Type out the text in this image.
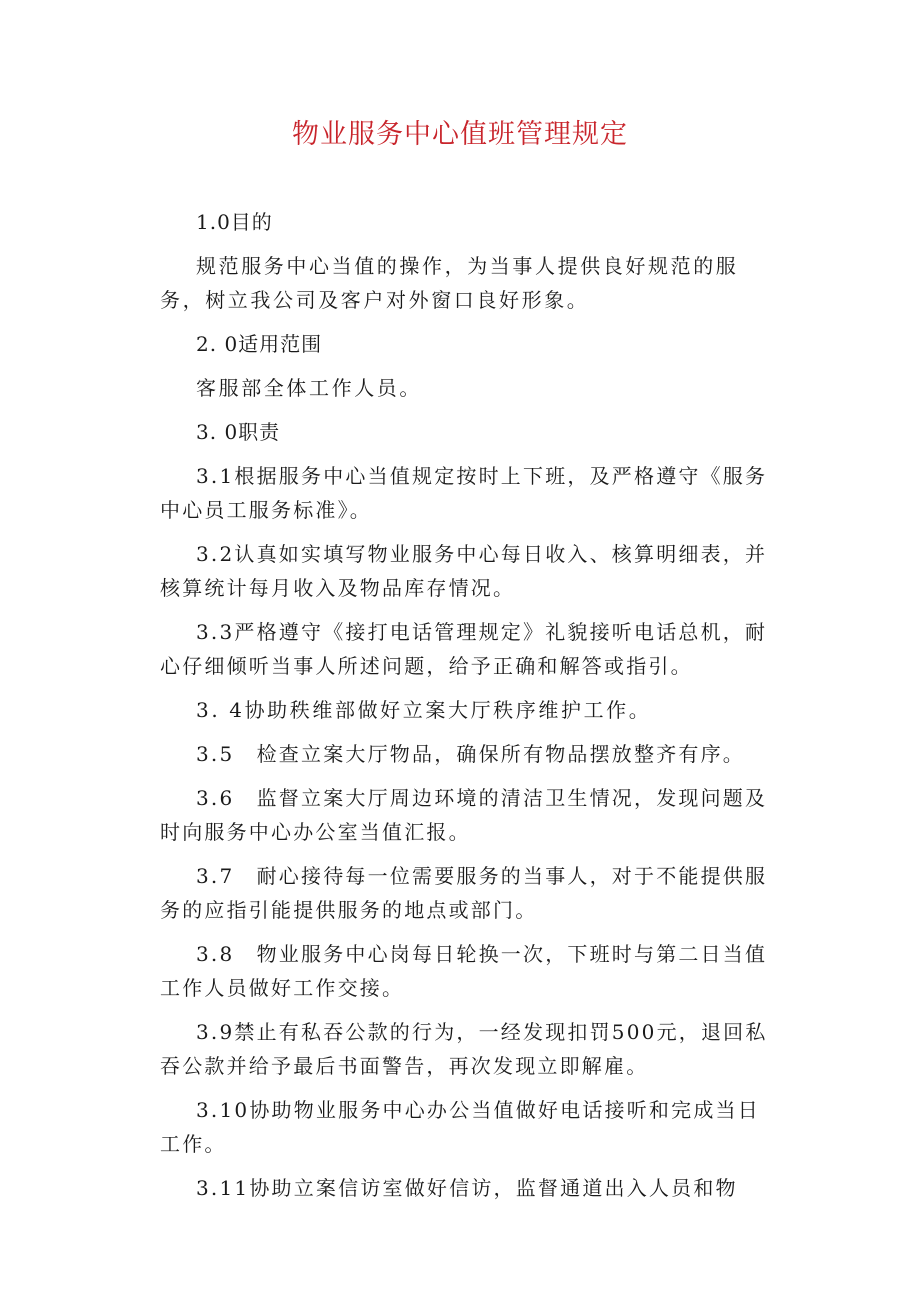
物业服务中心值班管理规定

1.0目的

规范服务中心当值的操作，为当事人提供良好规范的服务，树立我公司及客户对外窗口良好形象。

2. 0适用范围

客服部全体工作人员。

3. 0职责

3.1根据服务中心当值规定按时上下班，及严格遵守《服务中心员工服务标准》。

3.2认真如实填写物业服务中心每日收入、核算明细表，并核算统计每月收入及物品库存情况。

3.3严格遵守《接打电话管理规定》礼貌接听电话总机，耐心仔细倾听当事人所述问题，给予正确和解答或指引。

3. 4协助秩维部做好立案大厅秩序维护工作。

3.5　检查立案大厅物品，确保所有物品摆放整齐有序。

3.6　监督立案大厅周边环境的清洁卫生情况，发现问题及时向服务中心办公室当值汇报。

3.7　耐心接待每一位需要服务的当事人，对于不能提供服务的应指引能提供服务的地点或部门。

3.8　物业服务中心岗每日轮换一次，下班时与第二日当值工作人员做好工作交接。

3.9禁止有私吞公款的行为，一经发现扣罚500元，退回私吞公款并给予最后书面警告，再次发现立即解雇。

3.10协助物业服务中心办公当值做好电话接听和完成当日工作。

3.11协助立案信访室做好信访，监督通道出入人员和物
